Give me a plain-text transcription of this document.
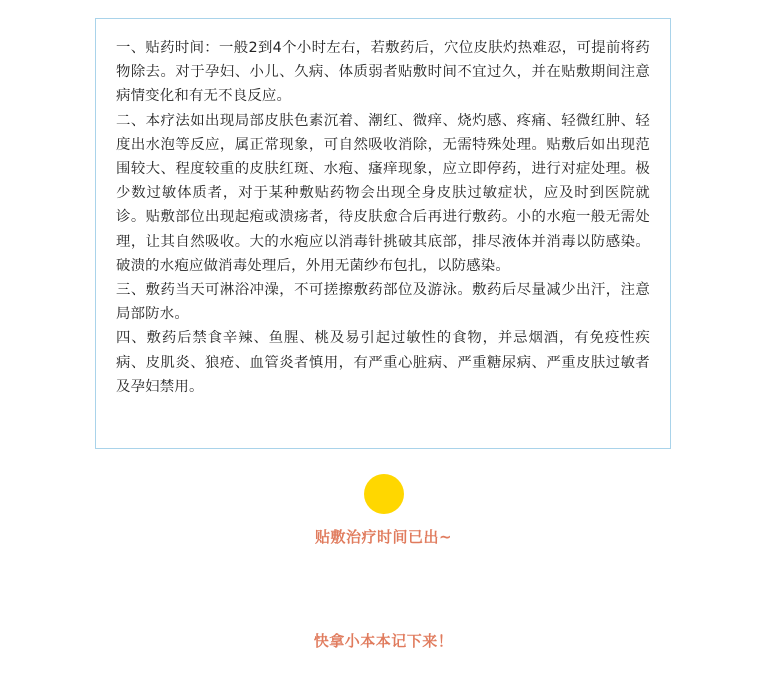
一、贴药时间：一般2到4个小时左右，若敷药后，穴位皮肤灼热难忍，可提前将药物除去。对于孕妇、小儿、久病、体质弱者贴敷时间不宜过久，并在贴敷期间注意病情变化和有无不良反应。

二、本疗法如出现局部皮肤色素沉着、潮红、微痒、烧灼感、疼痛、轻微红肿、轻度出水泡等反应，属正常现象，可自然吸收消除，无需特殊处理。贴敷后如出现范围较大、程度较重的皮肤红斑、水疱、瘙痒现象，应立即停药，进行对症处理。极少数过敏体质者，对于某种敷贴药物会出现全身皮肤过敏症状，应及时到医院就诊。贴敷部位出现起疱或溃疡者，待皮肤愈合后再进行敷药。小的水疱一般无需处理，让其自然吸收。大的水疱应以消毒针挑破其底部，排尽液体并消毒以防感染。破溃的水疱应做消毒处理后，外用无菌纱布包扎，以防感染。

三、敷药当天可淋浴冲澡，不可搓擦敷药部位及游泳。敷药后尽量减少出汗，注意局部防水。

四、敷药后禁食辛辣、鱼腥、桃及易引起过敏性的食物，并忌烟酒，有免疫性疾病、皮肌炎、狼疮、血管炎者慎用，有严重心脏病、严重糖尿病、严重皮肤过敏者及孕妇禁用。

贴敷治疗时间已出~
快拿小本本记下来！
